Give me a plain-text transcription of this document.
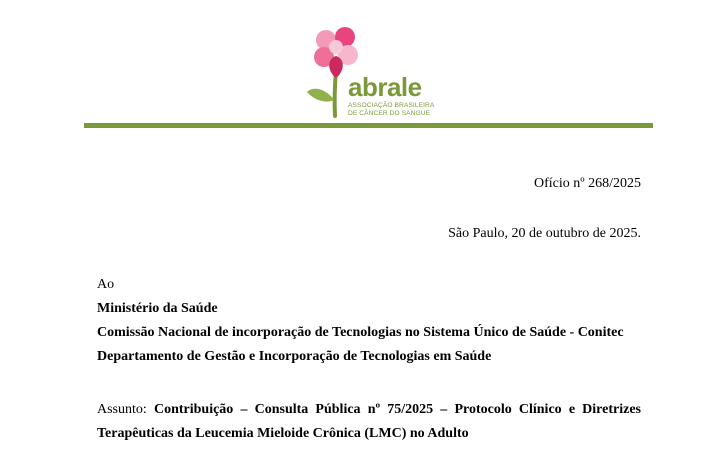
abrale
ASSOCIAÇÃO BRASILEIRA
DE CÂNCER DO SANGUE
Ofício nº 268/2025
São Paulo, 20 de outubro de 2025.
Ao
Ministério da Saúde
Comissão Nacional de incorporação de Tecnologias no Sistema Único de Saúde - Conitec
Departamento de Gestão e Incorporação de Tecnologias em Saúde
Assunto: Contribuição – Consulta Pública nº 75/2025 – Protocolo Clínico e Diretrizes
Terapêuticas da Leucemia Mieloide Crônica (LMC) no Adulto
